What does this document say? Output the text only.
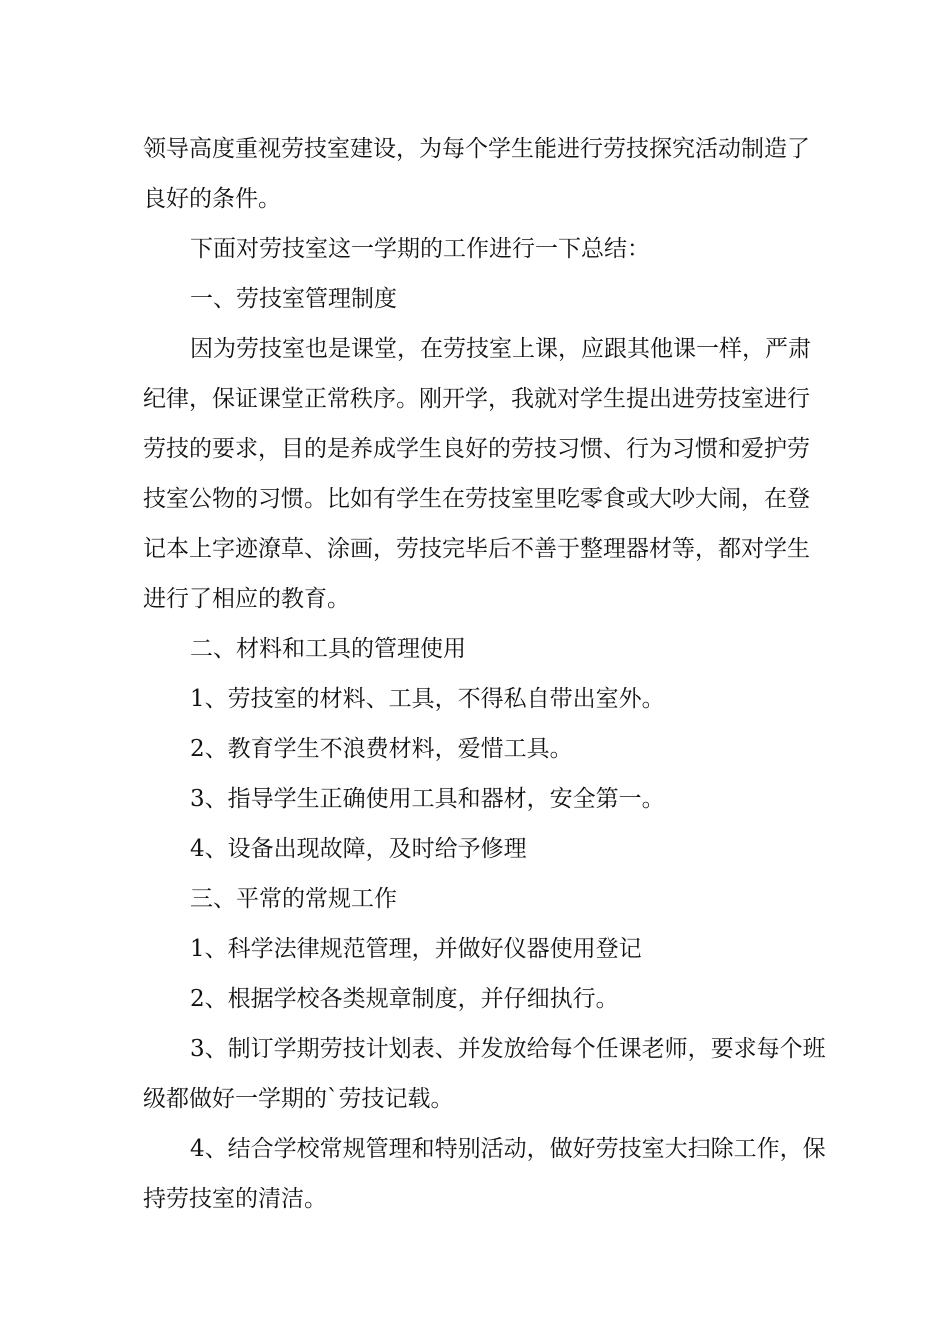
领导高度重视劳技室建设，为每个学生能进行劳技探究活动制造了

良好的条件。

下面对劳技室这一学期的工作进行一下总结：

一、劳技室管理制度

因为劳技室也是课堂，在劳技室上课，应跟其他课一样，严肃

纪律，保证课堂正常秩序。刚开学，我就对学生提出进劳技室进行

劳技的要求，目的是养成学生良好的劳技习惯、行为习惯和爱护劳

技室公物的习惯。比如有学生在劳技室里吃零食或大吵大闹，在登

记本上字迹潦草、涂画，劳技完毕后不善于整理器材等，都对学生

进行了相应的教育。

二、材料和工具的管理使用

1、劳技室的材料、工具，不得私自带出室外。

2、教育学生不浪费材料，爱惜工具。

3、指导学生正确使用工具和器材，安全第一。

4、设备出现故障，及时给予修理

三、平常的常规工作

1、科学法律规范管理，并做好仪器使用登记

2、根据学校各类规章制度，并仔细执行。

3、制订学期劳技计划表、并发放给每个任课老师，要求每个班

级都做好一学期的`劳技记载。

4、结合学校常规管理和特别活动，做好劳技室大扫除工作，保

持劳技室的清洁。
